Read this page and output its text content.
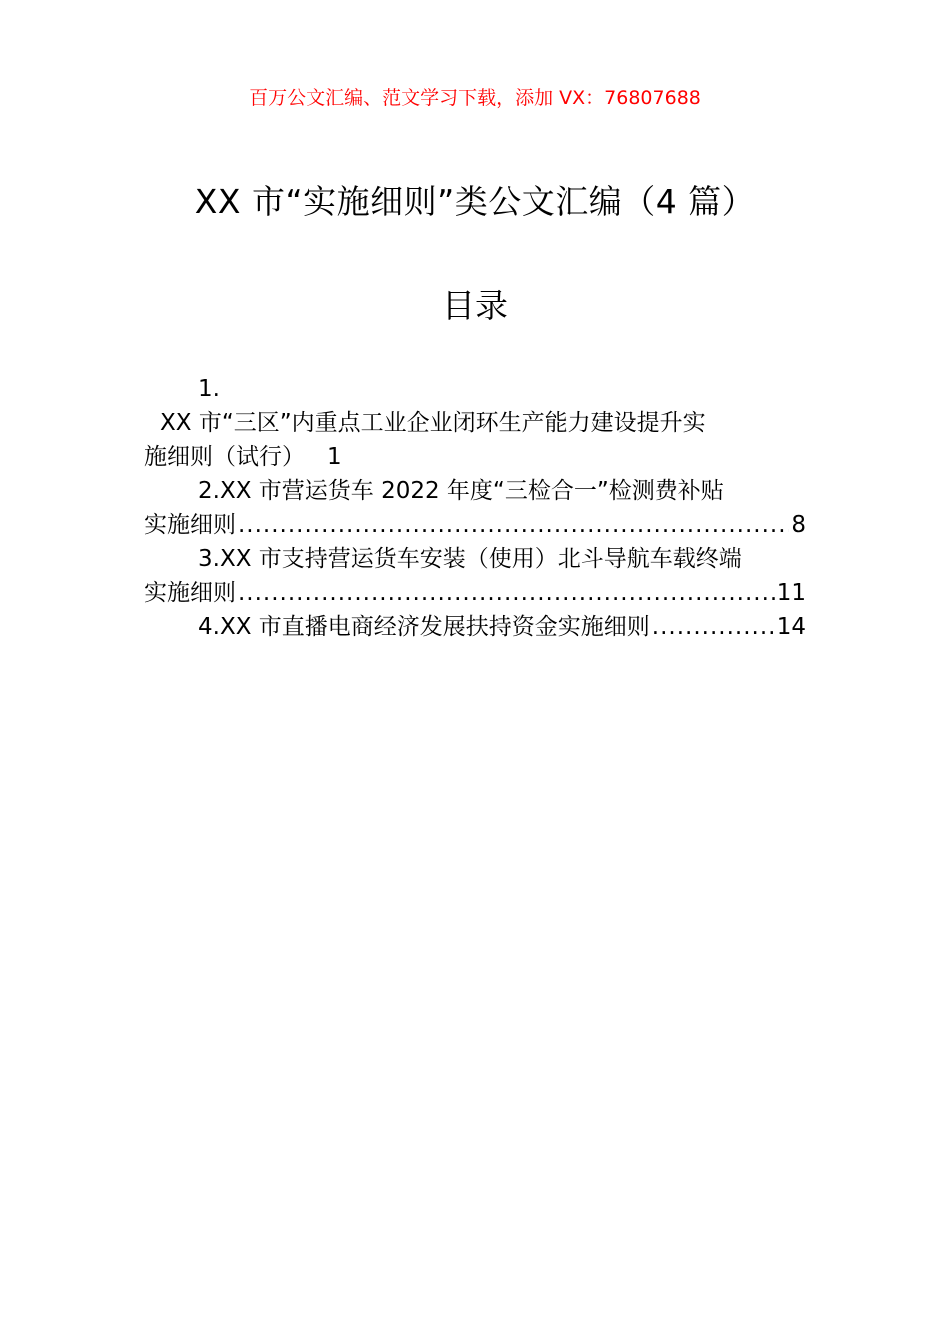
百万公文汇编、范文学习下载，添加 VX：76807688
XX 市“实施细则”类公文汇编（4 篇）
目录
1.
XX 市“三区”内重点工业企业闭环生产能力建设提升实
施细则（试行） 1
2.XX 市营运货车 2022 年度“三检合一”检测费补贴
实施细则 .....	8
3.XX 市支持营运货车安装（使用）北斗导航车载终端
实施细则 .....	11
4.XX 市直播电商经济发展扶持资金实施细则 .....	14
